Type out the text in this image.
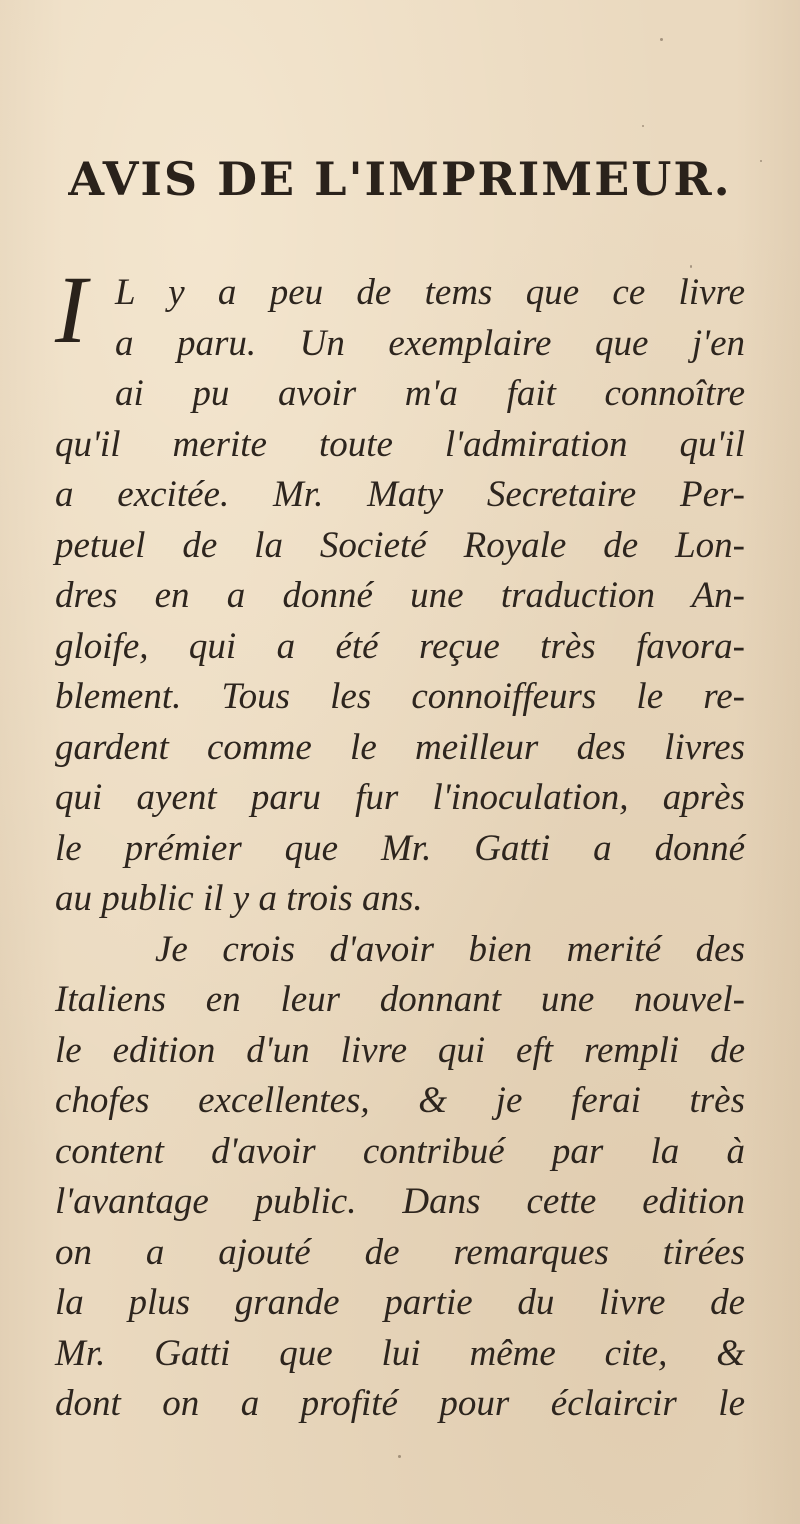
AVIS DE L'IMPRIMEUR.
I L y a peu de tems que ce livre
a paru. Un exemplaire que j'en
ai pu avoir m'a fait connoître
qu'il merite toute l'admiration qu'il
a excitée. Mr. Maty Secretaire Per-
petuel de la Societé Royale de Lon-
dres en a donné une traduction An-
gloife, qui a été reçue très favora-
blement. Tous les connoiffeurs le re-
gardent comme le meilleur des livres
qui ayent paru fur l'inoculation, après
le prémier que Mr. Gatti a donné
au public il y a trois ans.
Je crois d'avoir bien merité des
Italiens en leur donnant une nouvel-
le edition d'un livre qui eft rempli de
chofes excellentes, & je ferai très
content d'avoir contribué par la à
l'avantage public. Dans cette edition
on a ajouté de remarques tirées
la plus grande partie du livre de
Mr. Gatti que lui même cite, &
dont on a profité pour éclaircir le
